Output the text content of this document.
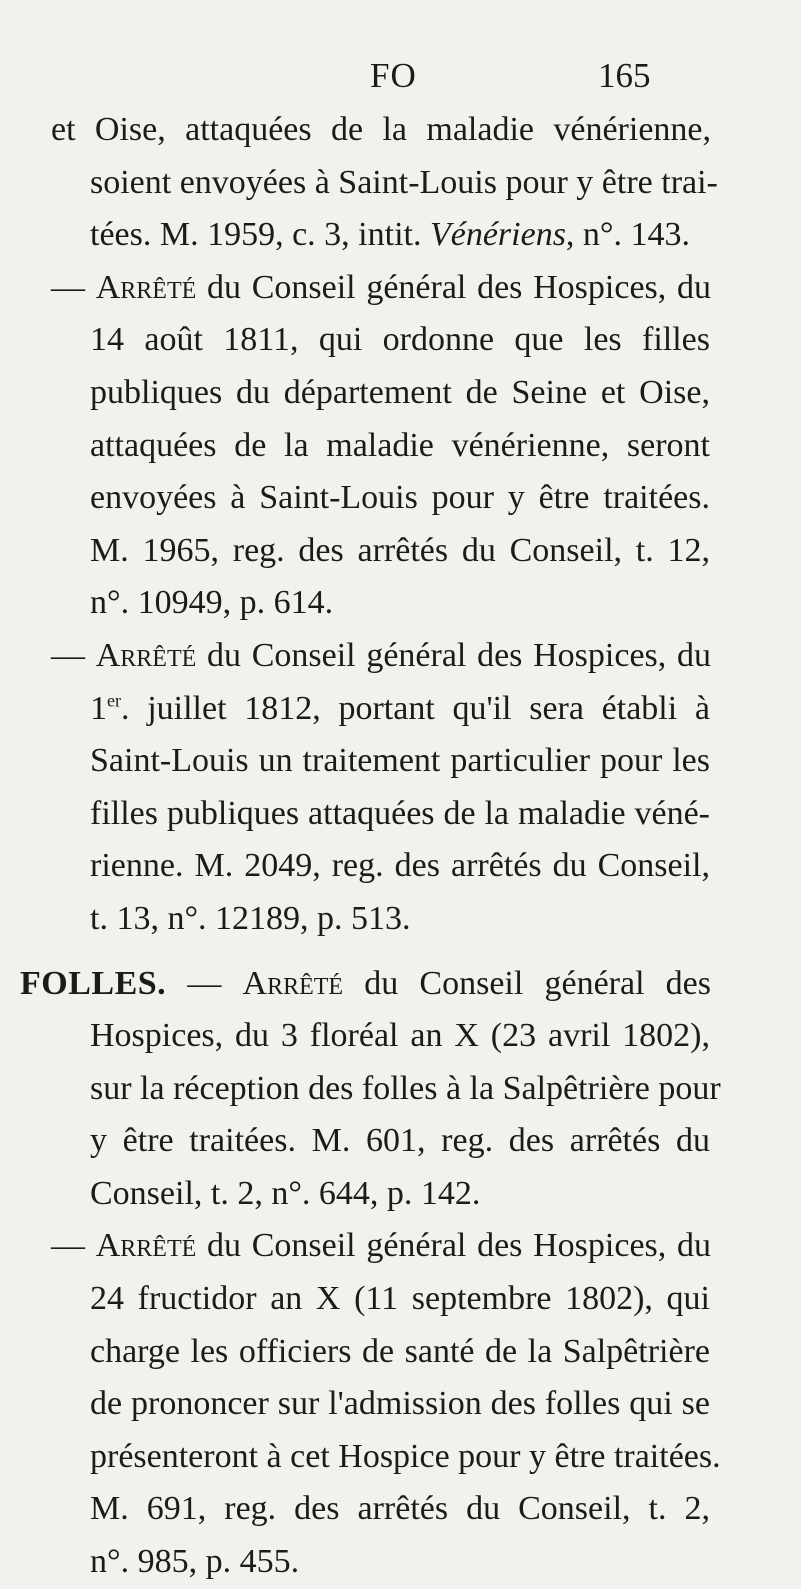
FO	165
et Oise, attaquées de la maladie vénérienne,
soient envoyées à Saint-Louis pour y être trai-
tées. M. 1959, c. 3, intit. Vénériens, n°. 143.
— Arrêté du Conseil général des Hospices, du
14 août 1811, qui ordonne que les filles
publiques du département de Seine et Oise,
attaquées de la maladie vénérienne, seront
envoyées à Saint-Louis pour y être traitées.
M. 1965, reg. des arrêtés du Conseil, t. 12,
n°. 10949, p. 614.
— Arrêté du Conseil général des Hospices, du
1er. juillet 1812, portant qu'il sera établi à
Saint-Louis un traitement particulier pour les
filles publiques attaquées de la maladie véné-
rienne. M. 2049, reg. des arrêtés du Conseil,
t. 13, n°. 12189, p. 513.
FOLLES. — Arrêté du Conseil général des
Hospices, du 3 floréal an X (23 avril 1802),
sur la réception des folles à la Salpêtrière pour
y être traitées. M. 601, reg. des arrêtés du
Conseil, t. 2, n°. 644, p. 142.
— Arrêté du Conseil général des Hospices, du
24 fructidor an X (11 septembre 1802), qui
charge les officiers de santé de la Salpêtrière
de prononcer sur l'admission des folles qui se
présenteront à cet Hospice pour y être traitées.
M. 691, reg. des arrêtés du Conseil, t. 2,
n°. 985, p. 455.
